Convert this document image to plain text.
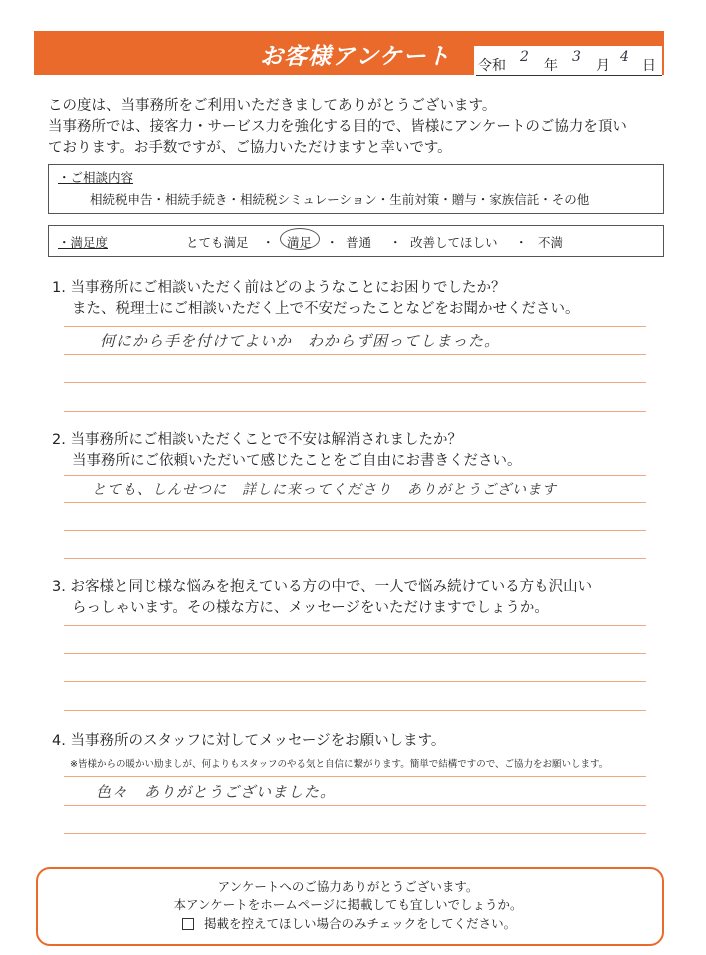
お客様アンケート 令和
2
年
3
月
4
日
この度は、当事務所をご利用いただきましてありがとうございます。
当事務所では、接客力・サービス力を強化する目的で、皆様にアンケートのご協力を頂い
ております。お手数ですが、ご協力いただけますと幸いです。
・ご相談内容
相続税申告・相続手続き・相続税シミュレーション・生前対策・贈与・家族信託・その他
・満足度	とても満足 ・ 満足 ・ 普通 ・ 改善してほしい ・ 不満
1. 当事務所にご相談いただく前はどのようなことにお困りでしたか？
また、税理士にご相談いただく上で不安だったことなどをお聞かせください。
何にから手を付けてよいか　わからず困ってしまった。
2. 当事務所にご相談いただくことで不安は解消されましたか？
当事務所にご依頼いただいて感じたことをご自由にお書きください。
とても、しんせつに　詳しに来ってくださり　ありがとうございます
3. お客様と同じ様な悩みを抱えている方の中で、一人で悩み続けている方も沢山い
らっしゃいます。その様な方に、メッセージをいただけますでしょうか。
4. 当事務所のスタッフに対してメッセージをお願いします。
※皆様からの暖かい励ましが、何よりもスタッフのやる気と自信に繋がります。簡単で結構ですので、ご協力をお願いします。
色々　ありがとうございました。
アンケートへのご協力ありがとうございます。
本アンケートをホームページに掲載しても宜しいでしょうか。
掲載を控えてほしい場合のみチェックをしてください。
